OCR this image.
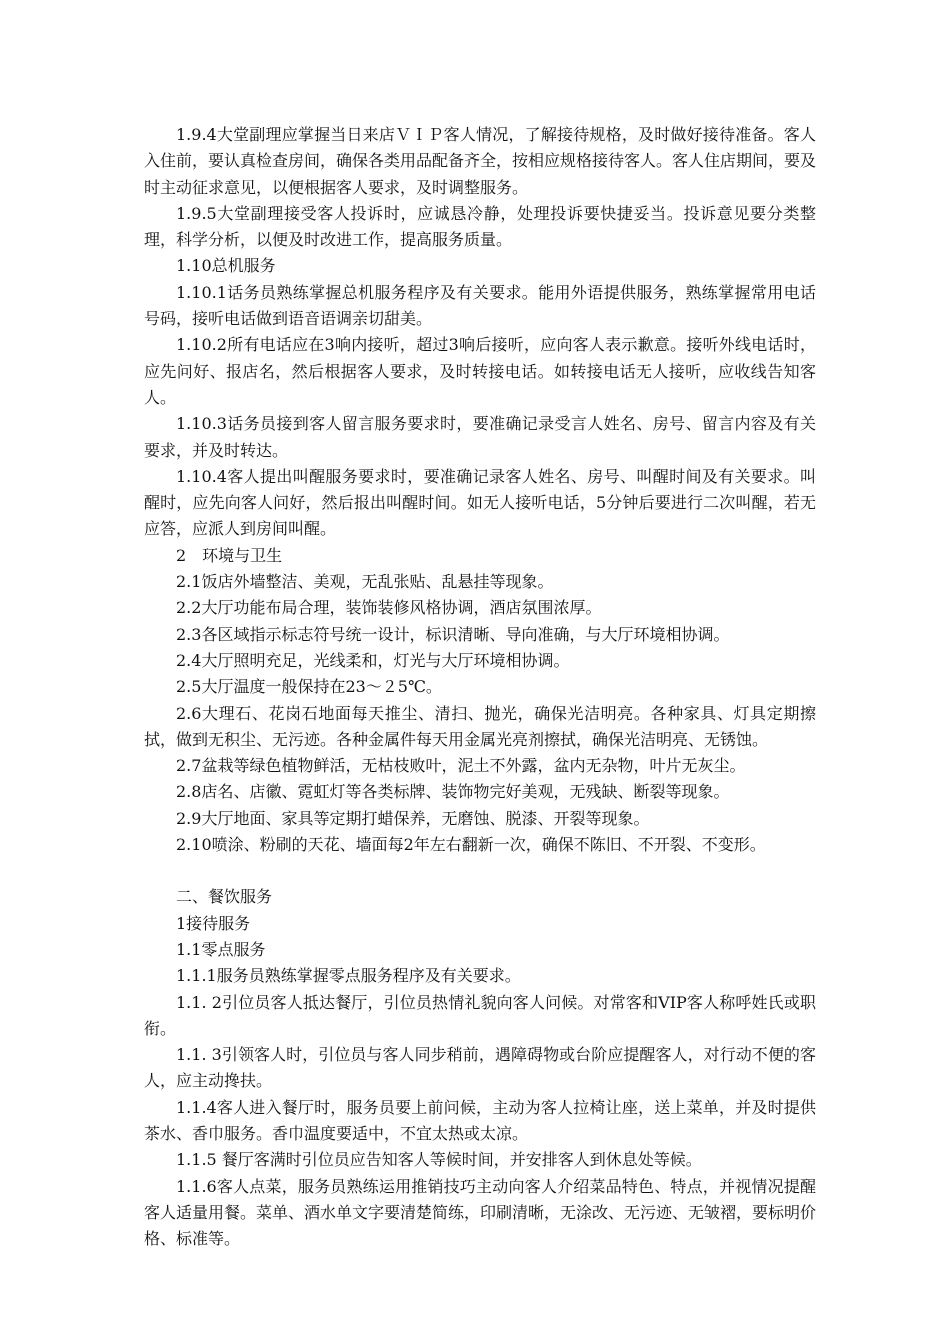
1.9.4大堂副理应掌握当日来店ＶＩＰ客人情况，了解接待规格，及时做好接待准备。客人入住前，要认真检查房间，确保各类用品配备齐全，按相应规格接待客人。客人住店期间，要及时主动征求意见，以便根据客人要求，及时调整服务。

1.9.5大堂副理接受客人投诉时，应诚恳冷静，处理投诉要快捷妥当。投诉意见要分类整理，科学分析，以便及时改进工作，提高服务质量。

1.10总机服务

1.10.1话务员熟练掌握总机服务程序及有关要求。能用外语提供服务，熟练掌握常用电话号码，接听电话做到语音语调亲切甜美。

1.10.2所有电话应在3响内接听，超过3响后接听，应向客人表示歉意。接听外线电话时，应先问好、报店名，然后根据客人要求，及时转接电话。如转接电话无人接听，应收线告知客人。

1.10.3话务员接到客人留言服务要求时，要准确记录受言人姓名、房号、留言内容及有关要求，并及时转达。

1.10.4客人提出叫醒服务要求时，要准确记录客人姓名、房号、叫醒时间及有关要求。叫醒时，应先向客人问好，然后报出叫醒时间。如无人接听电话，5分钟后要进行二次叫醒，若无应答，应派人到房间叫醒。

2　环境与卫生

2.1饭店外墙整洁、美观，无乱张贴、乱悬挂等现象。

2.2大厅功能布局合理，装饰装修风格协调，酒店氛围浓厚。

2.3各区域指示标志符号统一设计，标识清晰、导向准确，与大厅环境相协调。

2.4大厅照明充足，光线柔和，灯光与大厅环境相协调。

2.5大厅温度一般保持在23～２5℃。

2.6大理石、花岗石地面每天推尘、清扫、抛光，确保光洁明亮。各种家具、灯具定期擦拭，做到无积尘、无污迹。各种金属件每天用金属光亮剂擦拭，确保光洁明亮、无锈蚀。

2.7盆栽等绿色植物鲜活，无枯枝败叶，泥土不外露，盆内无杂物，叶片无灰尘。

2.8店名、店徽、霓虹灯等各类标牌、装饰物完好美观，无残缺、断裂等现象。

2.9大厅地面、家具等定期打蜡保养，无磨蚀、脱漆、开裂等现象。

2.10喷涂、粉刷的天花、墙面每2年左右翻新一次，确保不陈旧、不开裂、不变形。

二、餐饮服务

1接待服务

1.1零点服务

1.1.1服务员熟练掌握零点服务程序及有关要求。

1.1. 2引位员客人抵达餐厅，引位员热情礼貌向客人问候。对常客和VIP客人称呼姓氏或职衔。

1.1. 3引领客人时，引位员与客人同步稍前，遇障碍物或台阶应提醒客人，对行动不便的客人，应主动搀扶。

1.1.4客人进入餐厅时，服务员要上前问候，主动为客人拉椅让座，送上菜单，并及时提供茶水、香巾服务。香巾温度要适中，不宜太热或太凉。

1.1.5 餐厅客满时引位员应告知客人等候时间，并安排客人到休息处等候。

1.1.6客人点菜，服务员熟练运用推销技巧主动向客人介绍菜品特色、特点，并视情况提醒客人适量用餐。菜单、酒水单文字要清楚简练，印刷清晰，无涂改、无污迹、无皱褶，要标明价格、标准等。
